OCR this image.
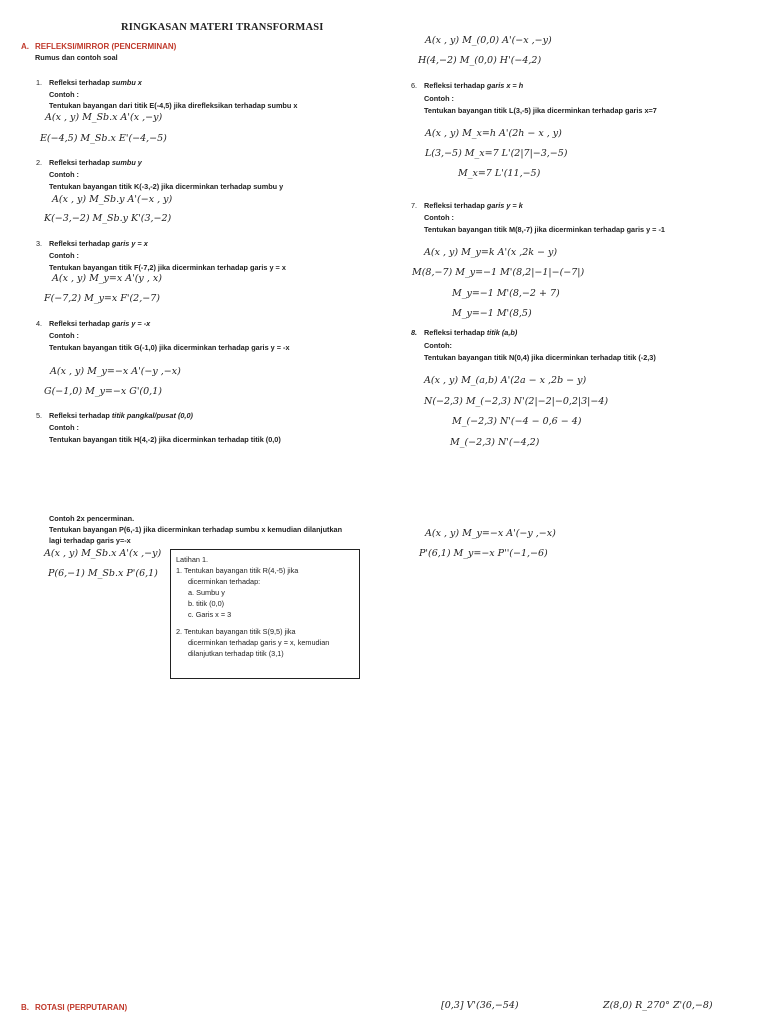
RINGKASAN MATERI TRANSFORMASI
A. REFLEKSI/MIRROR (PENCERMINAN)
Rumus dan contoh soal
1. Refleksi terhadap sumbu x
Contoh :
Tentukan bayangan dari titik E(-4,5) jika direfleksikan terhadap sumbu x
A(x , y) M_Sb.x A'(x ,−y)
E(−4,5) M_Sb.x E'(−4,−5)
2. Refleksi terhadap sumbu y
Contoh :
Tentukan bayangan titik K(-3,-2) jika dicerminkan terhadap sumbu y
A(x , y) M_Sb.y A'(−x , y)
K(−3,−2) M_Sb.y K'(3,−2)
3. Refleksi terhadap garis y = x
Contoh :
Tentukan bayangan titik F(-7,2) jika dicerminkan terhadap garis y = x
A(x , y) M_y=x A'(y , x)
F(−7,2) M_y=x F'(2,−7)
4. Refleksi terhadap garis y = -x
Contoh :
Tentukan bayangan titik G(-1,0) jika dicerminkan terhadap garis y = -x
A(x , y) M_y=−x A'(−y ,−x)
G(−1,0) M_y=−x G'(0,1)
5. Refleksi terhadap titik pangkal/pusat (0,0)
Contoh :
Tentukan bayangan titik H(4,-2) jika dicerminkan terhadap titik (0,0)
A(x , y) M_(0,0) A'(−x ,−y)
H(4,−2) M_(0,0) H'(−4,2)
6. Refleksi terhadap garis x = h
Contoh :
Tentukan bayangan titik L(3,-5) jika dicerminkan terhadap garis x=7
A(x , y) M_x=h A'(2h − x , y)
L(3,−5) M_x=7 L'(2|7|−3,−5)
M_x=7 L'(11,−5)
7. Refleksi terhadap garis y = k
Contoh :
Tentukan bayangan titik M(8,-7) jika dicerminkan terhadap garis y = -1
A(x , y) M_y=k A'(x ,2k − y)
M(8,−7) M_y=−1 M'(8,2|−1|−(−7|)
M_y=−1 M'(8,−2 + 7)
M_y=−1 M'(8,5)
8. Refleksi terhadap titik (a,b)
Contoh:
Tentukan bayangan titik N(0,4) jika dicerminkan terhadap titik (-2,3)
A(x , y) M_(a,b) A'(2a − x ,2b − y)
N(−2,3) M_(−2,3) N'(2|−2|−0,2|3|−4)
M_(−2,3) N'(−4 − 0,6 − 4)
M_(−2,3) N'(−4,2)
Contoh 2x pencerminan.
Tentukan bayangan P(6,-1) jika dicerminkan terhadap sumbu x kemudian dilanjutkan
lagi terhadap garis y=-x
A(x , y) M_Sb.x A'(x ,−y)
P(6,−1) M_Sb.x P'(6,1)
A(x , y) M_y=−x A'(−y ,−x)
P'(6,1) M_y=−x P''(−1,−6)
Latihan 1.
1. Tentukan bayangan titik R(4,-5) jika
dicerminkan terhadap:
a. Sumbu y
b. titik (0,0)
c. Garis x = 3
2. Tentukan bayangan titik S(9,5) jika
dicerminkan terhadap garis y = x, kemudian
dilanjutkan terhadap titik (3,1)
B. ROTASI (PERPUTARAN)	[0,3] V'(36,−54)	Z(8,0) R_270° Z'(0,−8)
